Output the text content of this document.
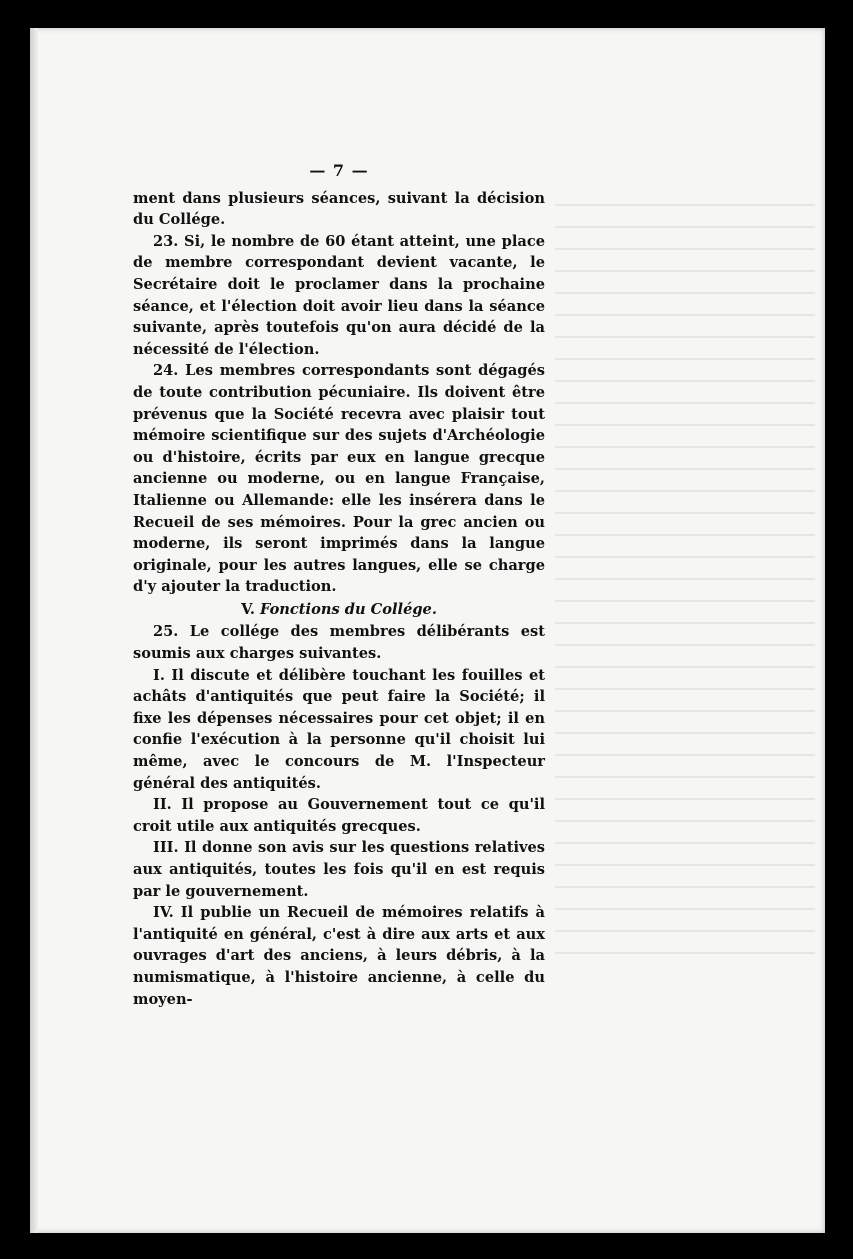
— 7 —

ment dans plusieurs séances, suivant la décision du Collége.

23. Si, le nombre de 60 étant atteint, une place de membre correspondant devient vacante, le Secrétaire doit le proclamer dans la prochaine séance, et l'élection doit avoir lieu dans la séance suivante, après toutefois qu'on aura décidé de la nécessité de l'élection.

24. Les membres correspondants sont dégagés de toute contribution pécuniaire. Ils doivent être prévenus que la Société recevra avec plaisir tout mémoire scientifique sur des sujets d'Archéologie ou d'histoire, écrits par eux en langue grecque ancienne ou moderne, ou en langue Française, Italienne ou Allemande: elle les insérera dans le Recueil de ses mémoires. Pour la grec ancien ou moderne, ils seront imprimés dans la langue originale, pour les autres langues, elle se charge d'y ajouter la traduction.

V. Fonctions du Collége.

25. Le collége des membres délibérants est soumis aux charges suivantes.

I. Il discute et délibère touchant les fouilles et achâts d'antiquités que peut faire la Société; il fixe les dépenses nécessaires pour cet objet; il en confie l'exécution à la personne qu'il choisit lui même, avec le concours de M. l'Inspecteur général des antiquités.

II. Il propose au Gouvernement tout ce qu'il croit utile aux antiquités grecques.

III. Il donne son avis sur les questions relatives aux antiquités, toutes les fois qu'il en est requis par le gouvernement.

IV. Il publie un Recueil de mémoires relatifs à l'antiquité en général, c'est à dire aux arts et aux ouvrages d'art des anciens, à leurs débris, à la numismatique, à l'histoire ancienne, à celle du moyen-
